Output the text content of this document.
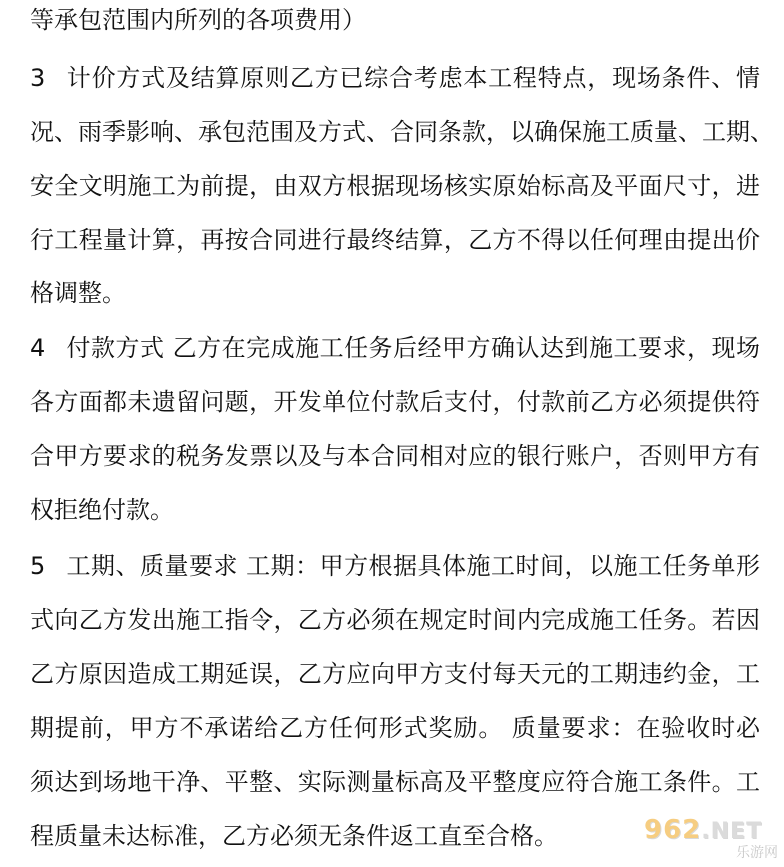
等承包范围内所列的各项费用）
3 计价方式及结算原则乙方已综合考虑本工程特点，现场条件、情
况、雨季影响、承包范围及方式、合同条款，以确保施工质量、工期、
安全文明施工为前提，由双方根据现场核实原始标高及平面尺寸，进
行工程量计算，再按合同进行最终结算，乙方不得以任何理由提出价
格调整。
4 付款方式 乙方在完成施工任务后经甲方确认达到施工要求，现场
各方面都未遗留问题，开发单位付款后支付，付款前乙方必须提供符
合甲方要求的税务发票以及与本合同相对应的银行账户，否则甲方有
权拒绝付款。
5 工期、质量要求 工期：甲方根据具体施工时间，以施工任务单形
式向乙方发出施工指令，乙方必须在规定时间内完成施工任务。若因
乙方原因造成工期延误，乙方应向甲方支付每天元的工期违约金，工
期提前，甲方不承诺给乙方任何形式奖励。 质量要求：在验收时必
须达到场地干净、平整、实际测量标高及平整度应符合施工条件。工
程质量未达标准，乙方必须无条件返工直至合格。	962.NET
乐游网
